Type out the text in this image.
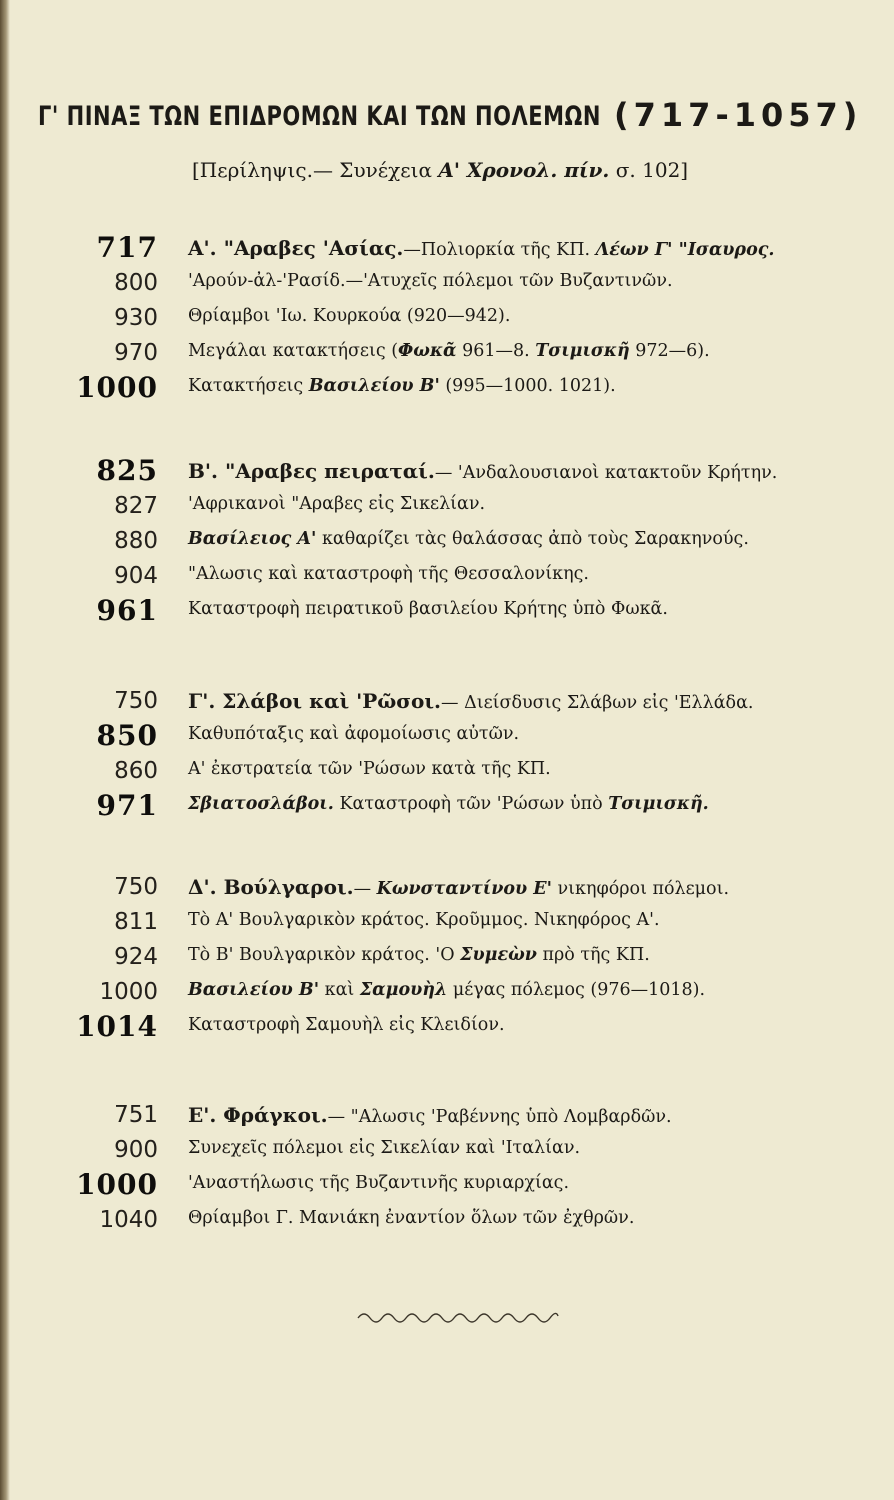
Γ' ΠΙΝΑΞ ΤΩΝ ΕΠΙΔΡΟΜΩΝ ΚΑΙ ΤΩΝ ΠΟΛΕΜΩΝ (717-1057)
[Περίληψις.— Συνέχεια Α' Χρονολ. πίν. σ. 102]
717 Α'. "Αραβες 'Ασίας.—Πολιορκία τῆς ΚΠ. Λέων Γ' "Ισαυρος.
800 'Αρούν-ἀλ-'Ρασίδ.—'Ατυχεῖς πόλεμοι τῶν Βυζαντινῶν.
930 Θρίαμβοι 'Ιω. Κουρκούα (920—942).
970 Μεγάλαι κατακτήσεις (Φωκᾶ 961—8. Τσιμισκῆ 972—6).
1000 Κατακτήσεις Βασιλείου Β' (995—1000. 1021).
825 Β'. "Αραβες πειραταί.— 'Ανδαλουσιανοὶ κατακτοῦν Κρήτην.
827 'Αφρικανοὶ "Αραβες εἰς Σικελίαν.
880 Βασίλειος Α' καθαρίζει τὰς θαλάσσας ἀπὸ τοὺς Σαρακηνούς.
904 "Αλωσις καὶ καταστροφὴ τῆς Θεσσαλονίκης.
961 Καταστροφὴ πειρατικοῦ βασιλείου Κρήτης ὑπὸ Φωκᾶ.
750 Γ'. Σλάβοι καὶ 'Ρῶσοι.— Διείσδυσις Σλάβων εἰς 'Ελλάδα.
850 Καθυπόταξις καὶ ἀφομοίωσις αὐτῶν.
860 Α' ἐκστρατεία τῶν 'Ρώσων κατὰ τῆς ΚΠ.
971 Σβιατοσλάβοι. Καταστροφὴ τῶν 'Ρώσων ὑπὸ Τσιμισκῆ.
750 Δ'. Βούλγαροι.— Κωνσταντίνου Ε' νικηφόροι πόλεμοι.
811 Τὸ Α' Βουλγαρικὸν κράτος. Κροῦμμος. Νικηφόρος Α'.
924 Τὸ Β' Βουλγαρικὸν κράτος. 'Ο Συμεὼν πρὸ τῆς ΚΠ.
1000 Βασιλείου Β' καὶ Σαμουὴλ μέγας πόλεμος (976—1018).
1014 Καταστροφὴ Σαμουὴλ εἰς Κλειδίον.
751 Ε'. Φράγκοι.— "Αλωσις 'Ραβέννης ὑπὸ Λομβαρδῶν.
900 Συνεχεῖς πόλεμοι εἰς Σικελίαν καὶ 'Ιταλίαν.
1000 'Αναστήλωσις τῆς Βυζαντινῆς κυριαρχίας.
1040 Θρίαμβοι Γ. Μανιάκη ἐναντίον ὅλων τῶν ἐχθρῶν.
